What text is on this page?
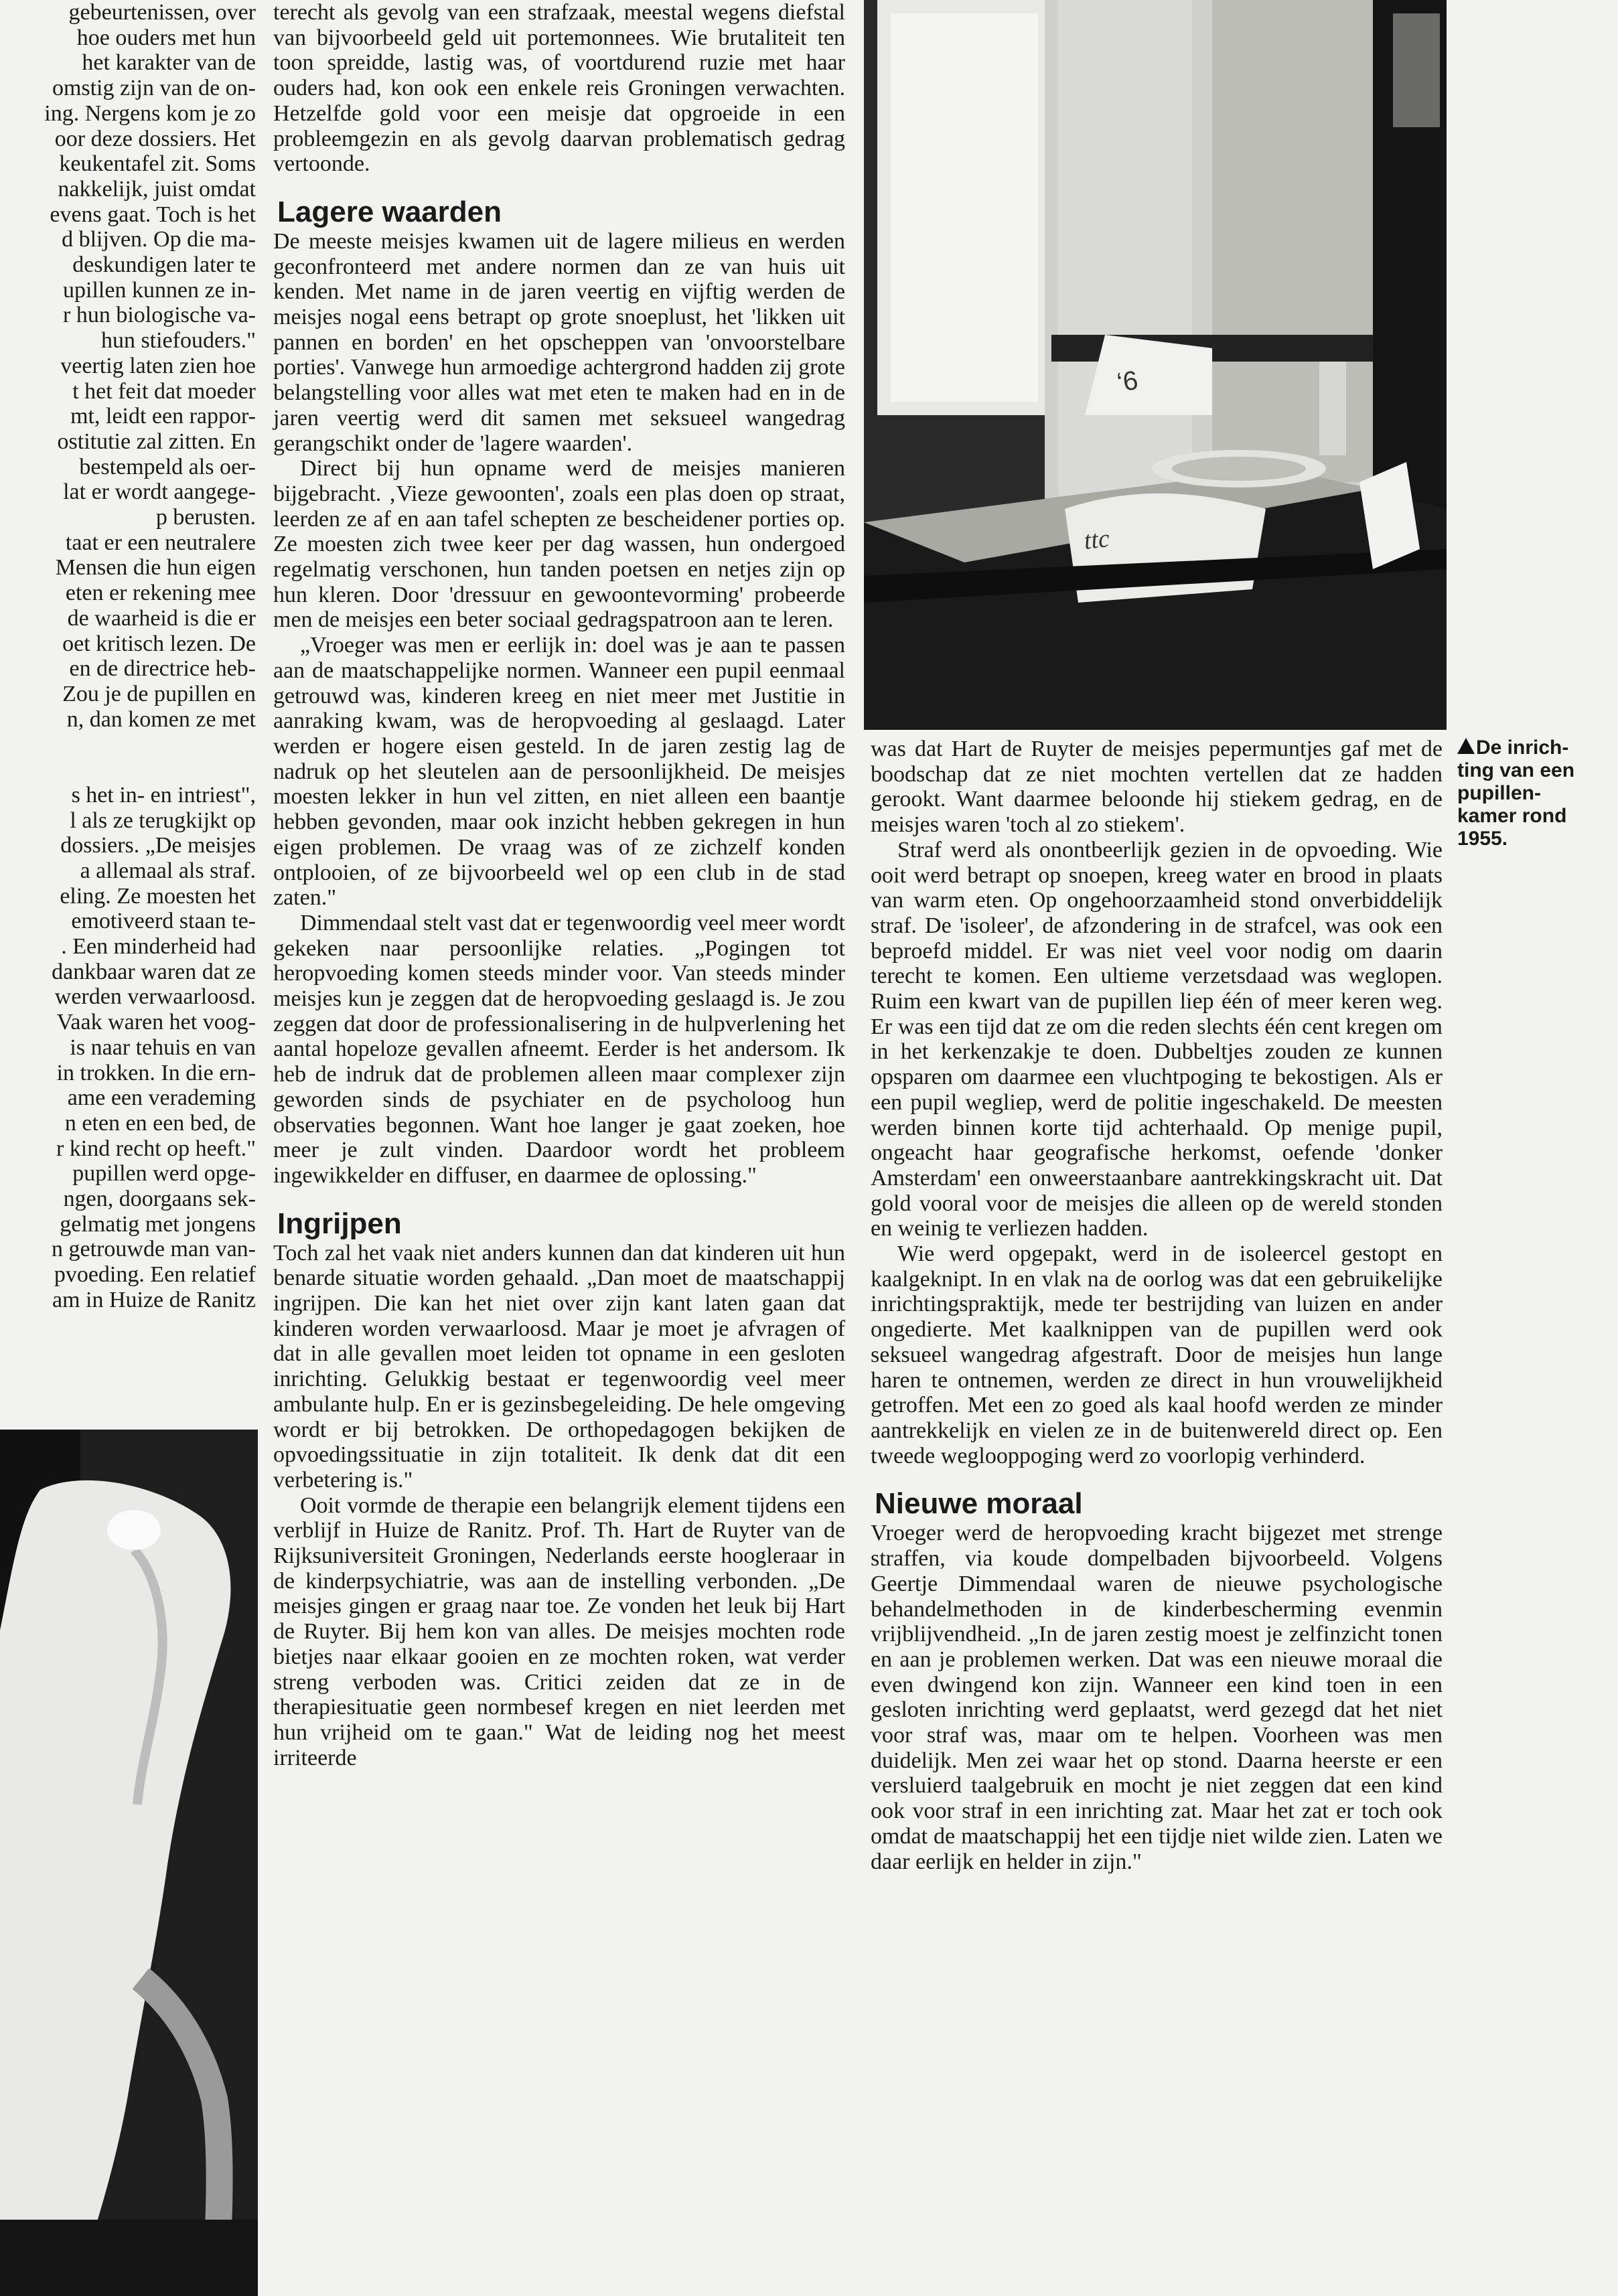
gebeurtenissen, over

hoe ouders met hun

het karakter van de

omstig zijn van de on-

ing. Nergens kom je zo

oor deze dossiers. Het

keukentafel zit. Soms

nakkelijk, juist omdat

evens gaat. Toch is het

d blijven. Op die ma-

deskundigen later te

upillen kunnen ze in-

r hun biologische va-

hun stiefouders."

veertig laten zien hoe

t het feit dat moeder

mt, leidt een rappor-

ostitutie zal zitten. En

bestempeld als oer-

lat er wordt aangege-

p berusten.

taat er een neutralere

Mensen die hun eigen

eten er rekening mee

de waarheid is die er

oet kritisch lezen. De

en de directrice heb-

Zou je de pupillen en

n, dan komen ze met

s het in- en intriest",

l als ze terugkijkt op

dossiers. „De meisjes

a allemaal als straf.

eling. Ze moesten het

emotiveerd staan te-

. Een minderheid had

dankbaar waren dat ze

werden verwaarloosd.

Vaak waren het voog-

is naar tehuis en van

in trokken. In die ern-

ame een verademing

n eten en een bed, de

r kind recht op heeft."

pupillen werd opge-

ngen, doorgaans sek-

gelmatig met jongens

n getrouwde man van-

pvoeding. Een relatief

am in Huize de Ranitz

terecht als gevolg van een strafzaak, meestal wegens diefstal van bijvoorbeeld geld uit portemonnees. Wie brutaliteit ten toon spreidde, lastig was, of voortdurend ruzie met haar ouders had, kon ook een enkele reis Groningen verwachten. Hetzelfde gold voor een meisje dat opgroeide in een probleemgezin en als gevolg daarvan problematisch gedrag vertoonde.

Lagere waarden

De meeste meisjes kwamen uit de lagere milieus en werden geconfronteerd met andere normen dan ze van huis uit kenden. Met name in de jaren veertig en vijftig werden de meisjes nogal eens betrapt op grote snoeplust, het 'likken uit pannen en borden' en het opscheppen van 'onvoorstelbare porties'. Vanwege hun armoedige achtergrond hadden zij grote belangstelling voor alles wat met eten te maken had en in de jaren veertig werd dit samen met seksueel wangedrag gerangschikt onder de 'lagere waarden'.

Direct bij hun opname werd de meisjes manieren bijgebracht. ‚Vieze gewoonten', zoals een plas doen op straat, leerden ze af en aan tafel schepten ze bescheidener porties op. Ze moesten zich twee keer per dag wassen, hun ondergoed regelmatig verschonen, hun tanden poetsen en netjes zijn op hun kleren. Door 'dressuur en gewoontevorming' probeerde men de meisjes een beter sociaal gedragspatroon aan te leren.

„Vroeger was men er eerlijk in: doel was je aan te passen aan de maatschappelijke normen. Wanneer een pupil eenmaal getrouwd was, kinderen kreeg en niet meer met Justitie in aanraking kwam, was de heropvoeding al geslaagd. Later werden er hogere eisen gesteld. In de jaren zestig lag de nadruk op het sleutelen aan de persoonlijkheid. De meisjes moesten lekker in hun vel zitten, en niet alleen een baantje hebben gevonden, maar ook inzicht hebben gekregen in hun eigen problemen. De vraag was of ze zichzelf konden ontplooien, of ze bijvoorbeeld wel op een club in de stad zaten."

Dimmendaal stelt vast dat er tegenwoordig veel meer wordt gekeken naar persoonlijke relaties. „Pogingen tot heropvoeding komen steeds minder voor. Van steeds minder meisjes kun je zeggen dat de heropvoeding geslaagd is. Je zou zeggen dat door de professionalisering in de hulpverlening het aantal hopeloze gevallen afneemt. Eerder is het andersom. Ik heb de indruk dat de problemen alleen maar complexer zijn geworden sinds de psychiater en de psycholoog hun observaties begonnen. Want hoe langer je gaat zoeken, hoe meer je zult vinden. Daardoor wordt het probleem ingewikkelder en diffuser, en daarmee de oplossing."

Ingrijpen

Toch zal het vaak niet anders kunnen dan dat kinderen uit hun benarde situatie worden gehaald. „Dan moet de maatschappij ingrijpen. Die kan het niet over zijn kant laten gaan dat kinderen worden verwaarloosd. Maar je moet je afvragen of dat in alle gevallen moet leiden tot opname in een gesloten inrichting. Gelukkig bestaat er tegenwoordig veel meer ambulante hulp. En er is gezinsbegeleiding. De hele omgeving wordt er bij betrokken. De orthopedagogen bekijken de opvoedingssituatie in zijn totaliteit. Ik denk dat dit een verbetering is."

Ooit vormde de therapie een belangrijk element tijdens een verblijf in Huize de Ranitz. Prof. Th. Hart de Ruyter van de Rijksuniversiteit Groningen, Nederlands eerste hoogleraar in de kinderpsychiatrie, was aan de instelling verbonden. „De meisjes gingen er graag naar toe. Ze vonden het leuk bij Hart de Ruyter. Bij hem kon van alles. De meisjes mochten rode bietjes naar elkaar gooien en ze mochten roken, wat verder streng verboden was. Critici zeiden dat ze in de therapiesituatie geen normbesef kregen en niet leerden met hun vrijheid om te gaan." Wat de leiding nog het meest irriteerde

‘6
ttc
De inrich-
ting van een
pupillen-
kamer rond
1955.

was dat Hart de Ruyter de meisjes pepermuntjes gaf met de boodschap dat ze niet mochten vertellen dat ze hadden gerookt. Want daarmee beloonde hij stiekem gedrag, en de meisjes waren 'toch al zo stiekem'.

Straf werd als onontbeerlijk gezien in de opvoeding. Wie ooit werd betrapt op snoepen, kreeg water en brood in plaats van warm eten. Op ongehoorzaamheid stond onverbiddelijk straf. De 'isoleer', de afzondering in de strafcel, was ook een beproefd middel. Er was niet veel voor nodig om daarin terecht te komen. Een ultieme verzetsdaad was weglopen. Ruim een kwart van de pupillen liep één of meer keren weg. Er was een tijd dat ze om die reden slechts één cent kregen om in het kerkenzakje te doen. Dubbeltjes zouden ze kunnen opsparen om daarmee een vluchtpoging te bekostigen. Als er een pupil wegliep, werd de politie ingeschakeld. De meesten werden binnen korte tijd achterhaald. Op menige pupil, ongeacht haar geografische herkomst, oefende 'donker Amsterdam' een onweerstaanbare aantrekkingskracht uit. Dat gold vooral voor de meisjes die alleen op de wereld stonden en weinig te verliezen hadden.

Wie werd opgepakt, werd in de isoleercel gestopt en kaalgeknipt. In en vlak na de oorlog was dat een gebruikelijke inrichtingspraktijk, mede ter bestrijding van luizen en ander ongedierte. Met kaalknippen van de pupillen werd ook seksueel wangedrag afgestraft. Door de meisjes hun lange haren te ontnemen, werden ze direct in hun vrouwelijkheid getroffen. Met een zo goed als kaal hoofd werden ze minder aantrekkelijk en vielen ze in de buitenwereld direct op. Een tweede weglooppoging werd zo voorlopig verhinderd.

Nieuwe moraal

Vroeger werd de heropvoeding kracht bijgezet met strenge straffen, via koude dompelbaden bijvoorbeeld. Volgens Geertje Dimmendaal waren de nieuwe psychologische behandelmethoden in de kinderbescherming evenmin vrijblijvendheid. „In de jaren zestig moest je zelfinzicht tonen en aan je problemen werken. Dat was een nieuwe moraal die even dwingend kon zijn. Wanneer een kind toen in een gesloten inrichting werd geplaatst, werd gezegd dat het niet voor straf was, maar om te helpen. Voorheen was men duidelijk. Men zei waar het op stond. Daarna heerste er een versluierd taalgebruik en mocht je niet zeggen dat een kind ook voor straf in een inrichting zat. Maar het zat er toch ook omdat de maatschappij het een tijdje niet wilde zien. Laten we daar eerlijk en helder in zijn."
